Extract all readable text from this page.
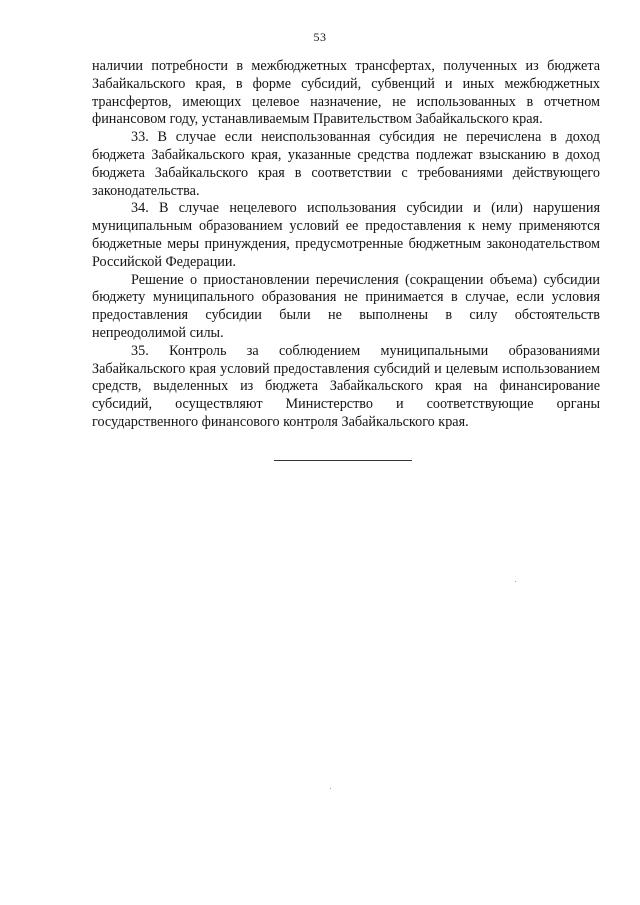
53

наличии потребности в межбюджетных трансфертах, полученных из бюджета Забайкальского края, в форме субсидий, субвенций и иных межбюджетных трансфертов, имеющих целевое назначение, не использованных в отчетном финансовом году, устанавливаемым Правительством Забайкальского края.

33. В случае если неиспользованная субсидия не перечислена в доход бюджета Забайкальского края, указанные средства подлежат взысканию в доход бюджета Забайкальского края в соответствии с требованиями действующего законодательства.

34. В случае нецелевого использования субсидии и (или) нарушения муниципальным образованием условий ее предоставления к нему применяются бюджетные меры принуждения, предусмотренные бюджетным законодательством Российской Федерации.

Решение о приостановлении перечисления (сокращении объема) субсидии бюджету муниципального образования не принимается в случае, если условия предоставления субсидии были не выполнены в силу обстоятельств непреодолимой силы.

35. Контроль за соблюдением муниципальными образованиями Забайкальского края условий предоставления субсидий и целевым использованием средств, выделенных из бюджета Забайкальского края на финансирование субсидий, осуществляют Министерство и соответствующие органы государственного финансового контроля Забайкальского края.
